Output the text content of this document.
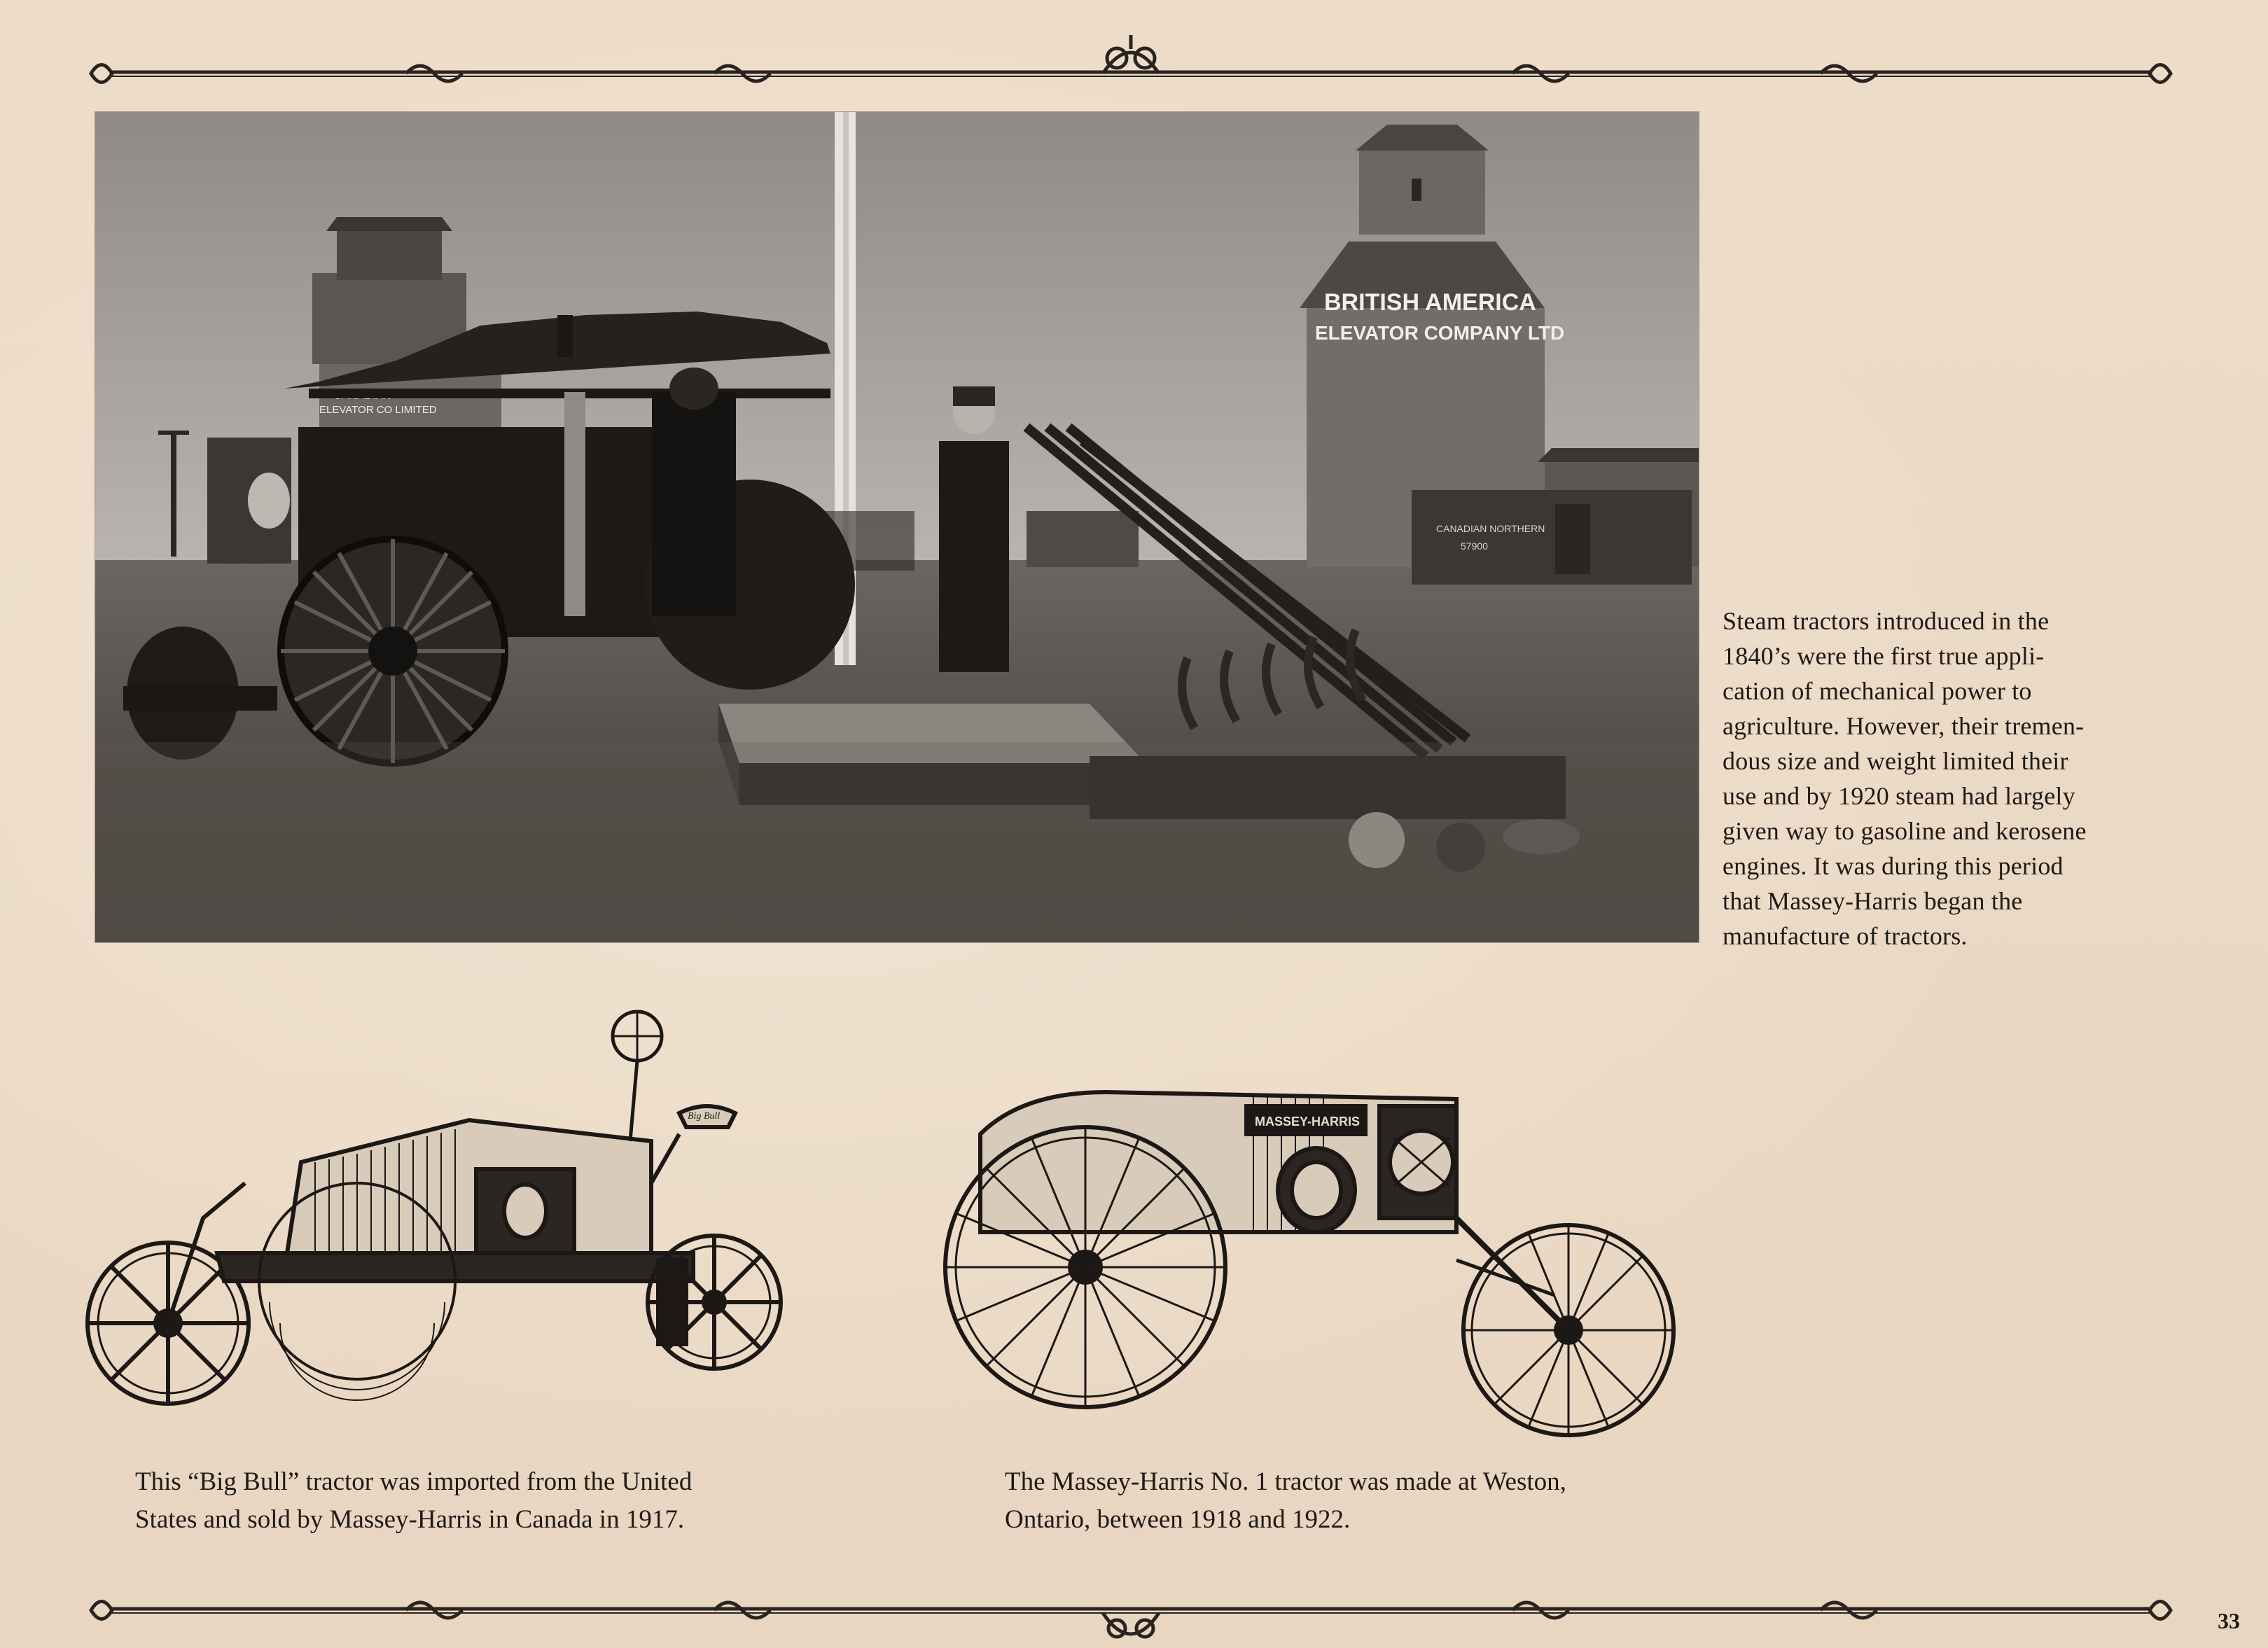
ELEVATOR CO LIMITED
BRITISH AMERICA
ELEVATOR COMPANY LTD
CANADIAN NORTHERN
57900
Steam tractors introduced in the
1840’s were the first true appli-
cation of mechanical power to
agriculture. However, their tremen-
dous size and weight limited their
use and by 1920 steam had largely
given way to gasoline and kerosene
engines. It was during this period
that Massey-Harris began the
manufacture of tractors.
Big Bull	MASSEY-HARRIS
This “Big Bull” tractor was imported from the United
States and sold by Massey-Harris in Canada in 1917.
The Massey-Harris No. 1 tractor was made at Weston,
Ontario, between 1918 and 1922.
33
